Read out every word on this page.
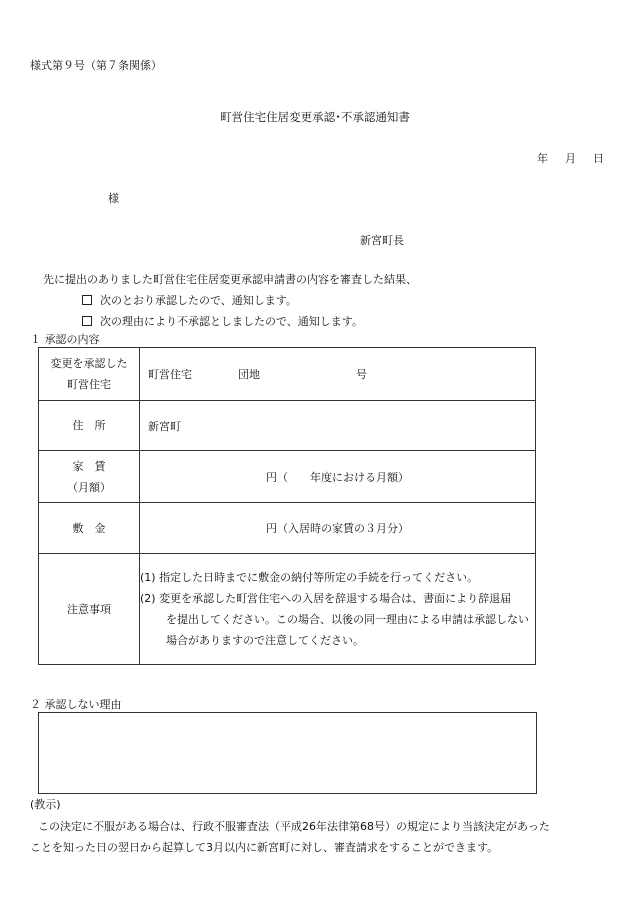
様式第９号（第７条関係）
町営住宅住居変更承認･不承認通知書
年 月 日
様
新宮町長
先に提出のありました町営住宅住居変更承認申請書の内容を審査した結果、
次のとおり承認したので、通知します。
次の理由により不承認としましたので、通知します。
１ 承認の内容
変更を承認した
町営住宅	町営住宅 団地 号
住　所	新宮町

家　賃
（月額）	円（　　年度における月額）
敷　金	円（入居時の家賃の３月分）
注意事項	(1) 指定した日時までに敷金の納付等所定の手続を行ってください。
(2) 変更を承認した町営住宅への入居を辞退する場合は、書面により辞退届
を提出してください。この場合、以後の同一理由による申請は承認しない
場合がありますので注意してください。
２ 承認しない理由
(教示)
この決定に不服がある場合は、行政不服審査法（平成26年法律第68号）の規定により当該決定があった
ことを知った日の翌日から起算して3月以内に新宮町に対し、審査請求をすることができます。
